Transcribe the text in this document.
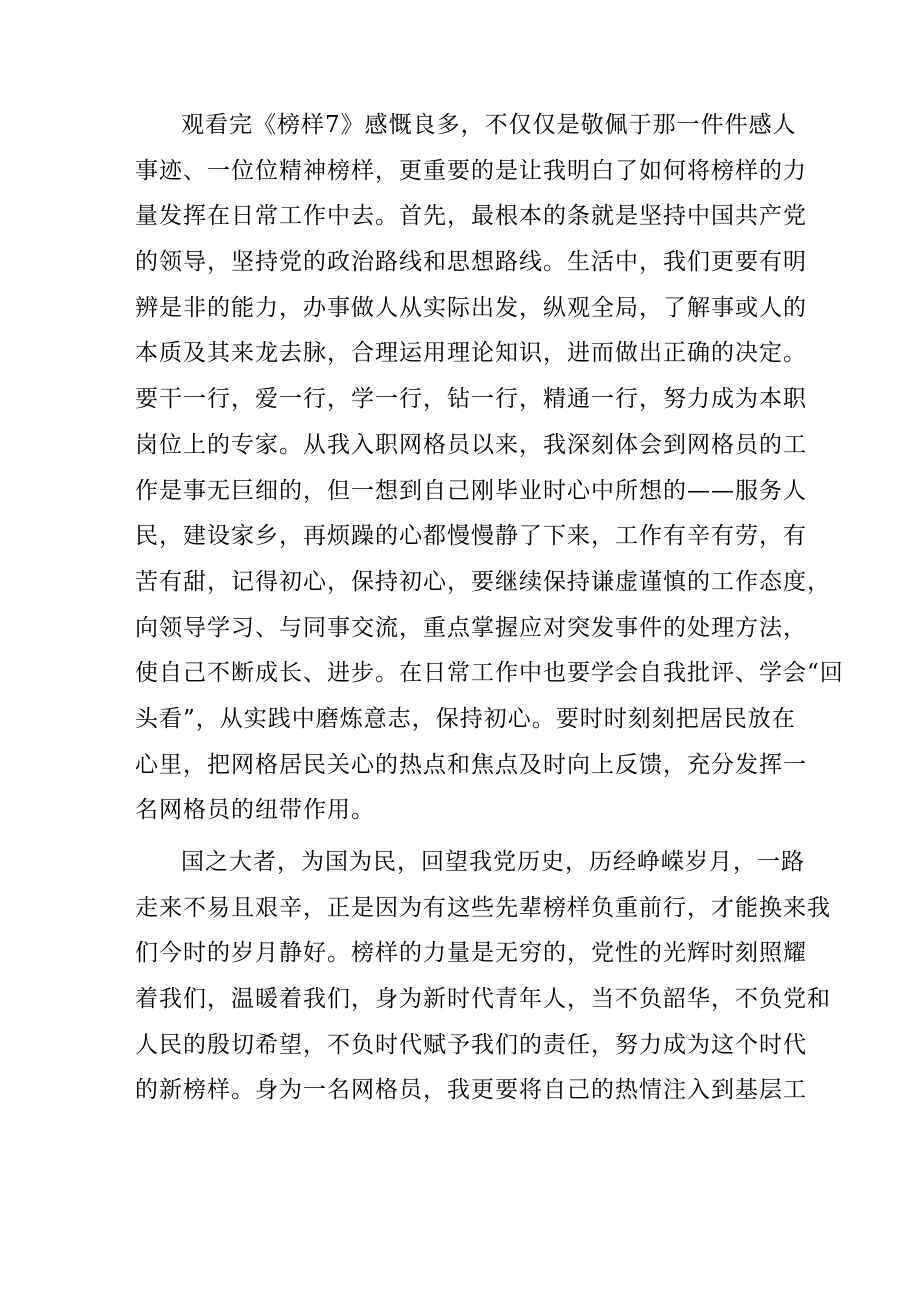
观看完《榜样7》感慨良多，不仅仅是敬佩于那一件件感人
事迹、一位位精神榜样，更重要的是让我明白了如何将榜样的力
量发挥在日常工作中去。首先，最根本的条就是坚持中国共产党
的领导，坚持党的政治路线和思想路线。生活中，我们更要有明
辨是非的能力，办事做人从实际出发，纵观全局，了解事或人的
本质及其来龙去脉，合理运用理论知识，进而做出正确的决定。
要干一行，爱一行，学一行，钻一行，精通一行，努力成为本职
岗位上的专家。从我入职网格员以来，我深刻体会到网格员的工
作是事无巨细的，但一想到自己刚毕业时心中所想的——服务人
民，建设家乡，再烦躁的心都慢慢静了下来，工作有辛有劳，有
苦有甜，记得初心，保持初心，要继续保持谦虚谨慎的工作态度，
向领导学习、与同事交流，重点掌握应对突发事件的处理方法，
使自己不断成长、进步。在日常工作中也要学会自我批评、学会“回
头看”，从实践中磨炼意志，保持初心。要时时刻刻把居民放在
心里，把网格居民关心的热点和焦点及时向上反馈，充分发挥一
名网格员的纽带作用。
国之大者，为国为民，回望我党历史，历经峥嵘岁月，一路
走来不易且艰辛，正是因为有这些先辈榜样负重前行，才能换来我
们今时的岁月静好。榜样的力量是无穷的，党性的光辉时刻照耀
着我们，温暖着我们，身为新时代青年人，当不负韶华，不负党和
人民的殷切希望，不负时代赋予我们的责任，努力成为这个时代
的新榜样。身为一名网格员，我更要将自己的热情注入到基层工
